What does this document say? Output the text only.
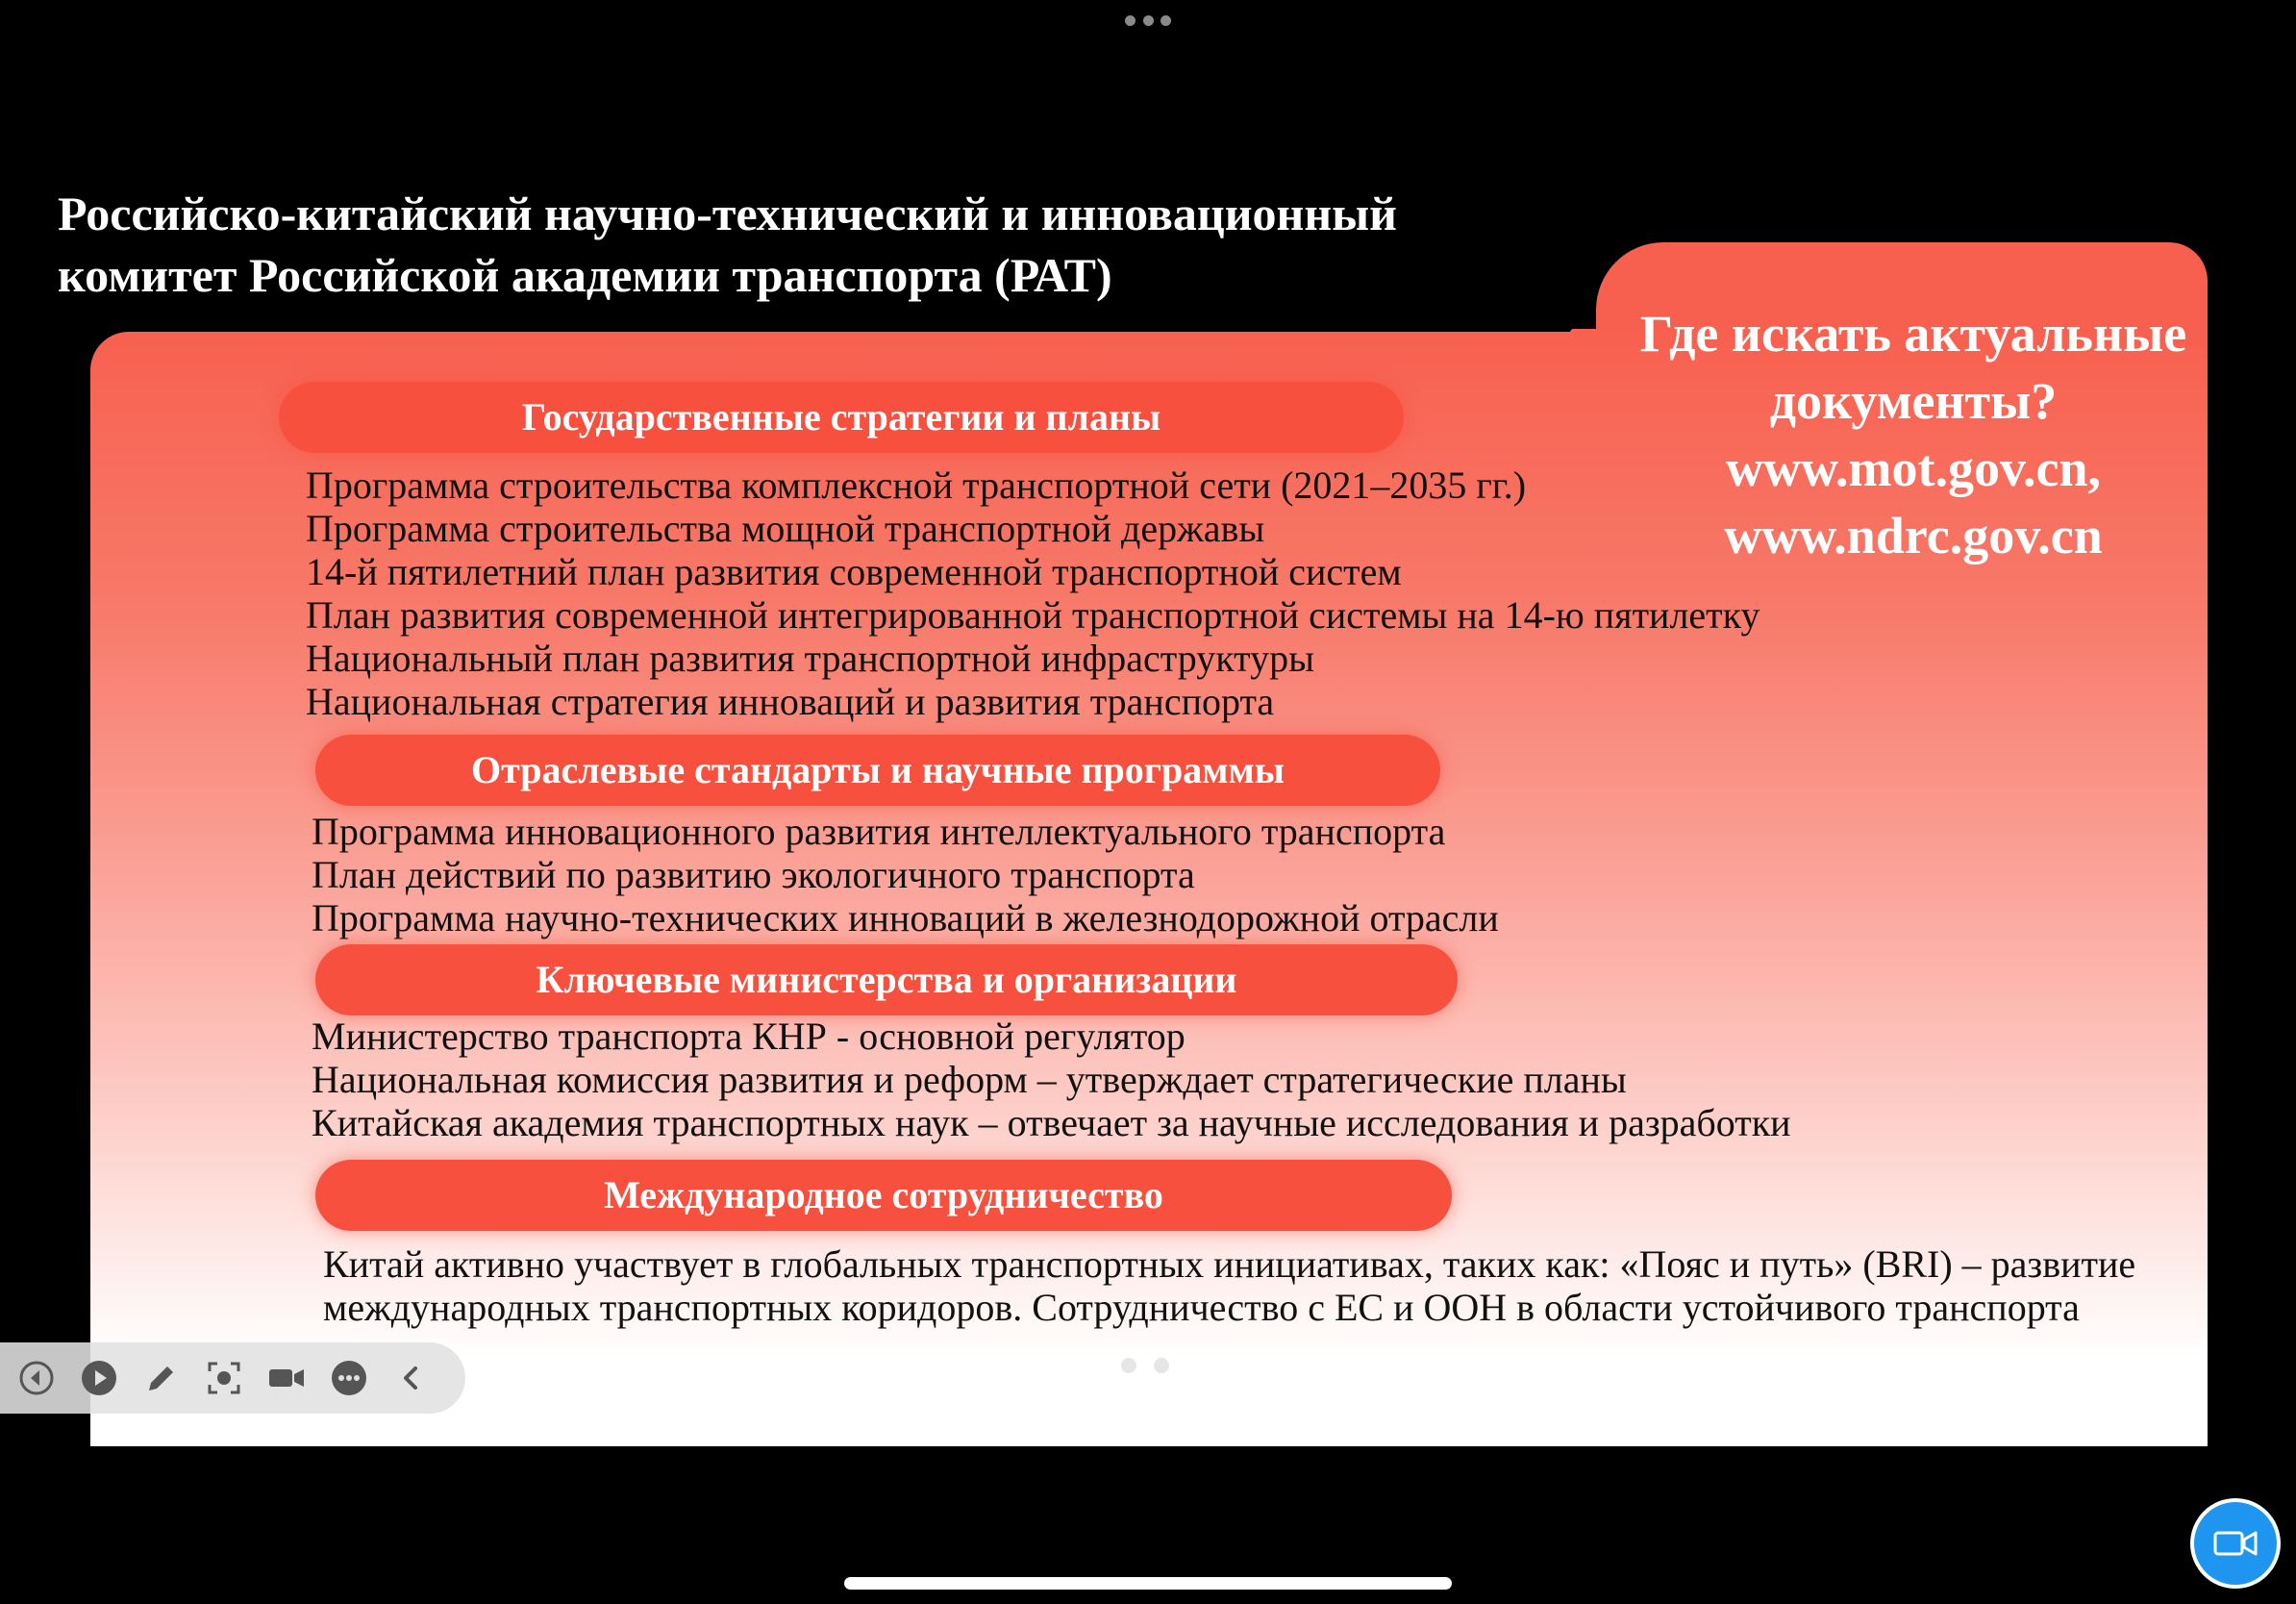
Российско-китайский научно-технический и инновационный
комитет Российской академии транспорта (РАТ)
Где искать актуальные
документы?
www.mot.gov.cn,
www.ndrc.gov.cn
Государственные стратегии и планы
Программа строительства комплексной транспортной сети (2021–2035 гг.)
Программа строительства мощной транспортной державы
14-й пятилетний план развития современной транспортной систем
План развития современной интегрированной транспортной системы на 14-ю пятилетку
Национальный план развития транспортной инфраструктуры
Национальная стратегия инноваций и развития транспорта
Отраслевые стандарты и научные программы
Программа инновационного развития интеллектуального транспорта
План действий по развитию экологичного транспорта
Программа научно-технических инноваций в железнодорожной отрасли
Ключевые министерства и организации
Министерство транспорта КНР - основной регулятор
Национальная комиссия развития и реформ – утверждает стратегические планы
Китайская академия транспортных наук – отвечает за научные исследования и разработки
Международное сотрудничество

Китай активно участвует в глобальных транспортных инициативах, таких как: «Пояс и путь» (BRI) – развитие международных транспортных коридоров. Сотрудничество с ЕС и ООН в области устойчивого транспорта
